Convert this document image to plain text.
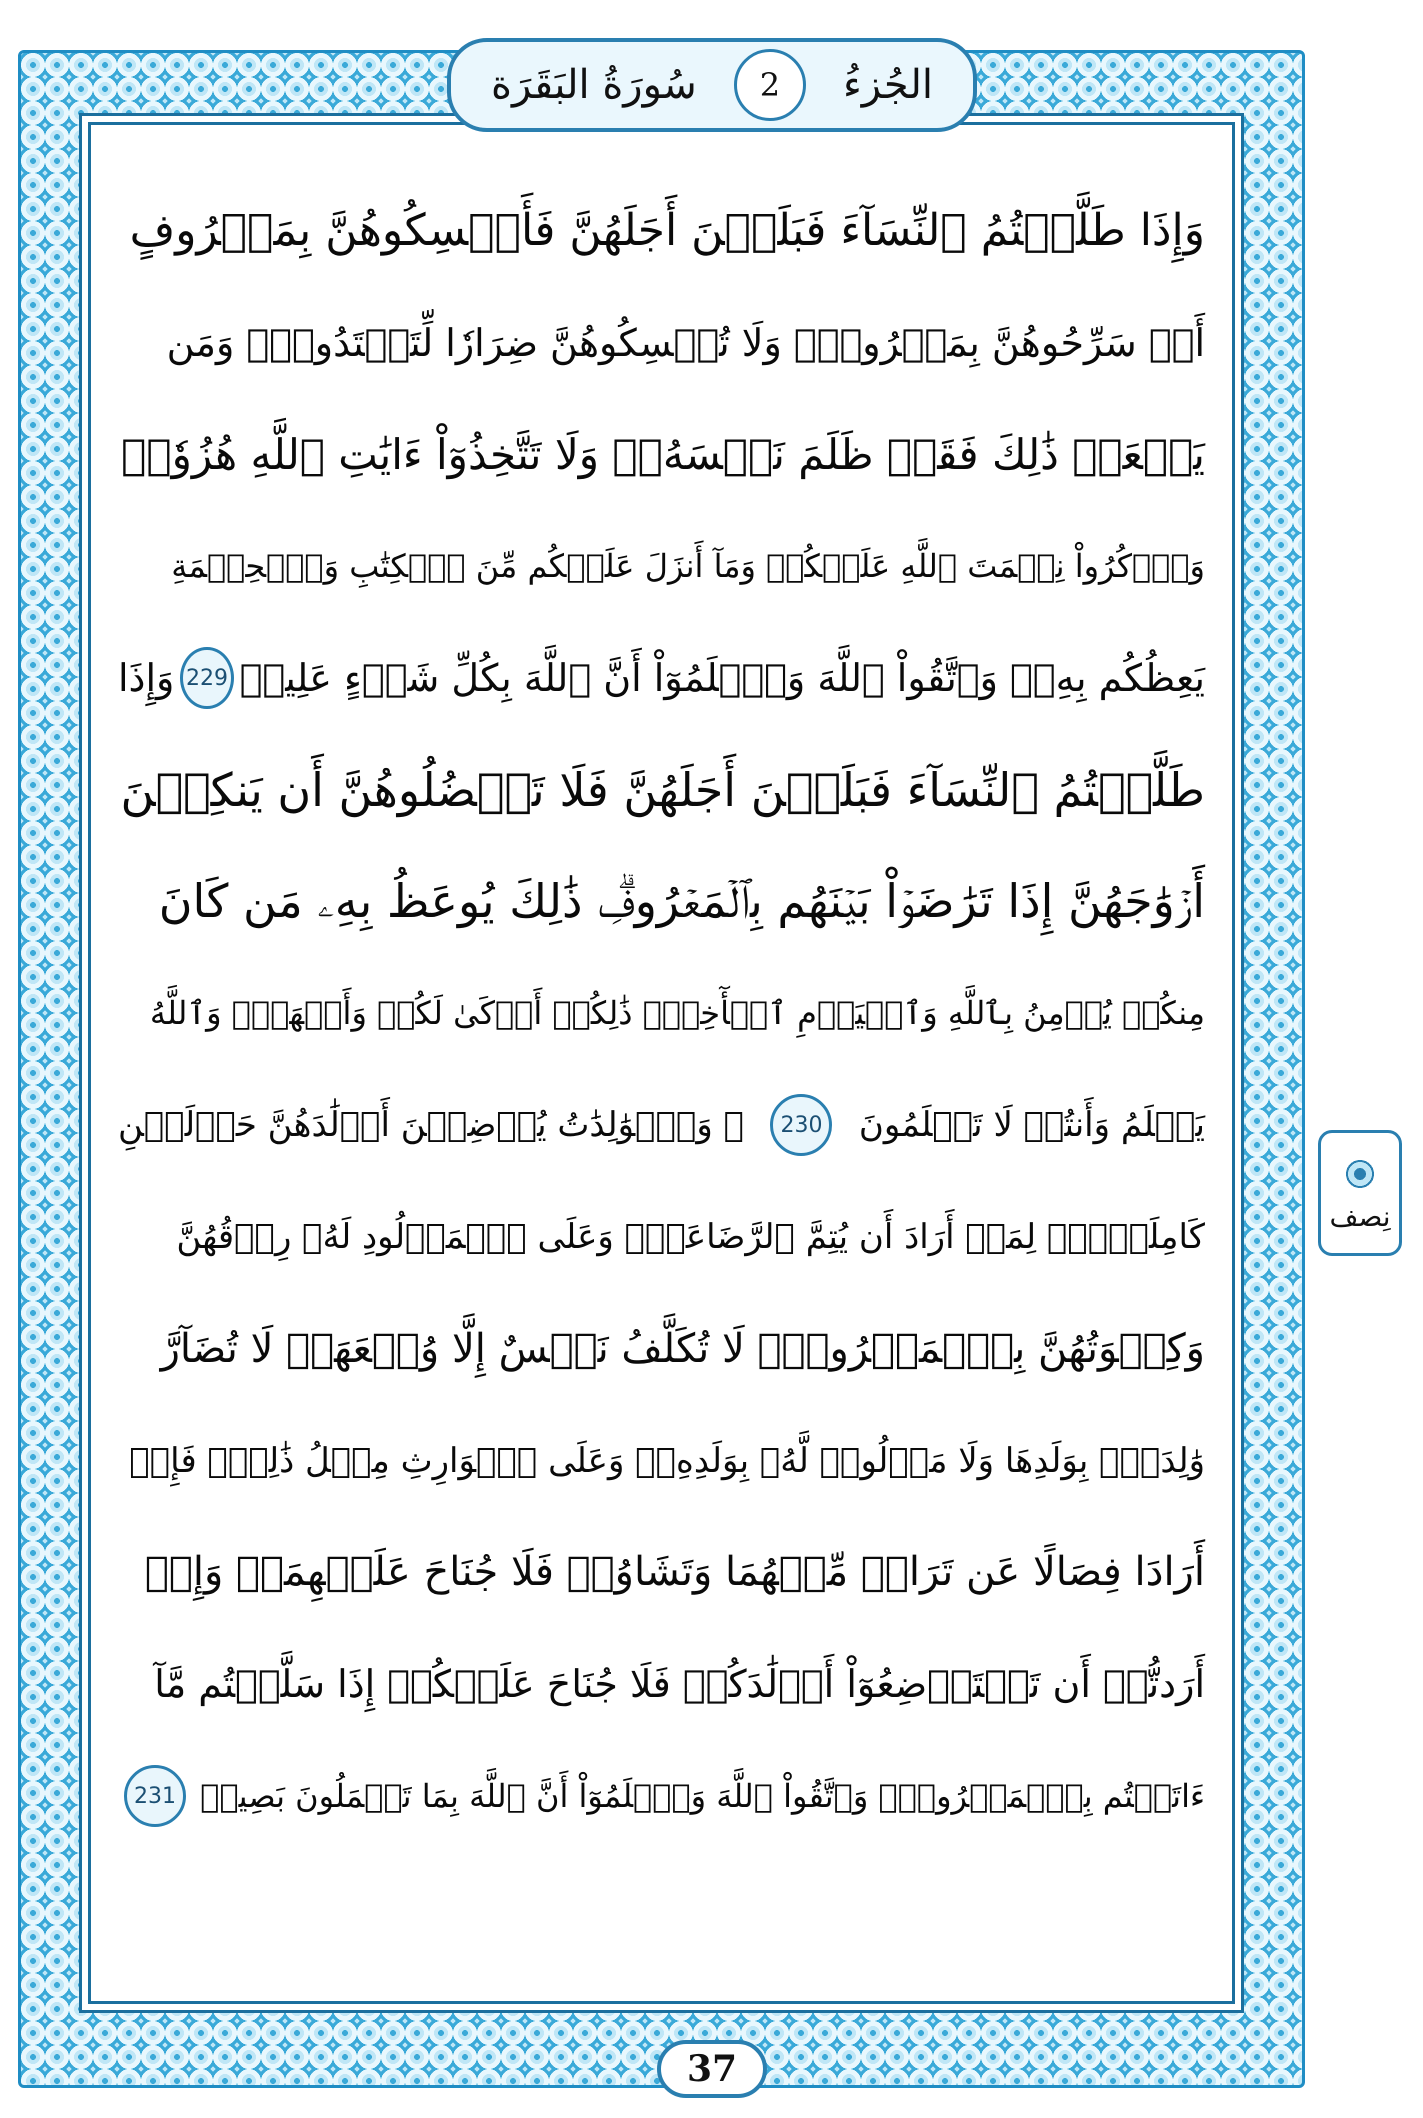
الجُزءُ
2
سُورَةُ البَقَرَة
وَإِذَا طَلَّقۡتُمُ ٱلنِّسَآءَ فَبَلَغۡنَ أَجَلَهُنَّ فَأَمۡسِكُوهُنَّ بِمَعۡرُوفٍ
أَوۡ سَرِّحُوهُنَّ بِمَعۡرُوفٖۚ وَلَا تُمۡسِكُوهُنَّ ضِرَارٗا لِّتَعۡتَدُواْۚ وَمَن
يَفۡعَلۡ ذَٰلِكَ فَقَدۡ ظَلَمَ نَفۡسَهُۥۚ وَلَا تَتَّخِذُوٓاْ ءَايَٰتِ ٱللَّهِ هُزُوٗاۚ
وَٱذۡكُرُواْ نِعۡمَتَ ٱللَّهِ عَلَيۡكُمۡ وَمَآ أَنزَلَ عَلَيۡكُم مِّنَ ٱلۡكِتَٰبِ وَٱلۡحِكۡمَةِ
يَعِظُكُم بِهِۦۚ وَٱتَّقُواْ ٱللَّهَ وَٱعۡلَمُوٓاْ أَنَّ ٱللَّهَ بِكُلِّ شَيۡءٍ عَلِيمٞ
229
وَإِذَا
طَلَّقۡتُمُ ٱلنِّسَآءَ فَبَلَغۡنَ أَجَلَهُنَّ فَلَا تَعۡضُلُوهُنَّ أَن يَنكِحۡنَ
أَزۡوَٰجَهُنَّ إِذَا تَرَٰضَوۡاْ بَيۡنَهُم بِٱلۡمَعۡرُوفِۗ ذَٰلِكَ يُوعَظُ بِهِۦ مَن كَانَ
مِنكُمۡ يُؤۡمِنُ بِٱللَّهِ وَٱلۡيَوۡمِ ٱلۡأٓخِرِۗ ذَٰلِكُمۡ أَزۡكَىٰ لَكُمۡ وَأَطۡهَرُۚ وَٱللَّهُ
يَعۡلَمُ وَأَنتُمۡ لَا تَعۡلَمُونَ
230
۞ وَٱلۡوَٰلِدَٰتُ يُرۡضِعۡنَ أَوۡلَٰدَهُنَّ حَوۡلَيۡنِ
كَامِلَيۡنِۖ لِمَنۡ أَرَادَ أَن يُتِمَّ ٱلرَّضَاعَةَۚ وَعَلَى ٱلۡمَوۡلُودِ لَهُۥ رِزۡقُهُنَّ
وَكِسۡوَتُهُنَّ بِٱلۡمَعۡرُوفِۚ لَا تُكَلَّفُ نَفۡسٌ إِلَّا وُسۡعَهَاۚ لَا تُضَآرَّ
وَٰلِدَةُۢ بِوَلَدِهَا وَلَا مَوۡلُودٞ لَّهُۥ بِوَلَدِهِۦۚ وَعَلَى ٱلۡوَارِثِ مِثۡلُ ذَٰلِكَۗ فَإِنۡ
أَرَادَا فِصَالًا عَن تَرَاضٖ مِّنۡهُمَا وَتَشَاوُرٖ فَلَا جُنَاحَ عَلَيۡهِمَاۗ وَإِنۡ
أَرَدتُّمۡ أَن تَسۡتَرۡضِعُوٓاْ أَوۡلَٰدَكُمۡ فَلَا جُنَاحَ عَلَيۡكُمۡ إِذَا سَلَّمۡتُم مَّآ
ءَاتَيۡتُم بِٱلۡمَعۡرُوفِۗ وَٱتَّقُواْ ٱللَّهَ وَٱعۡلَمُوٓاْ أَنَّ ٱللَّهَ بِمَا تَعۡمَلُونَ بَصِيرٞ
231
نِصف
37
